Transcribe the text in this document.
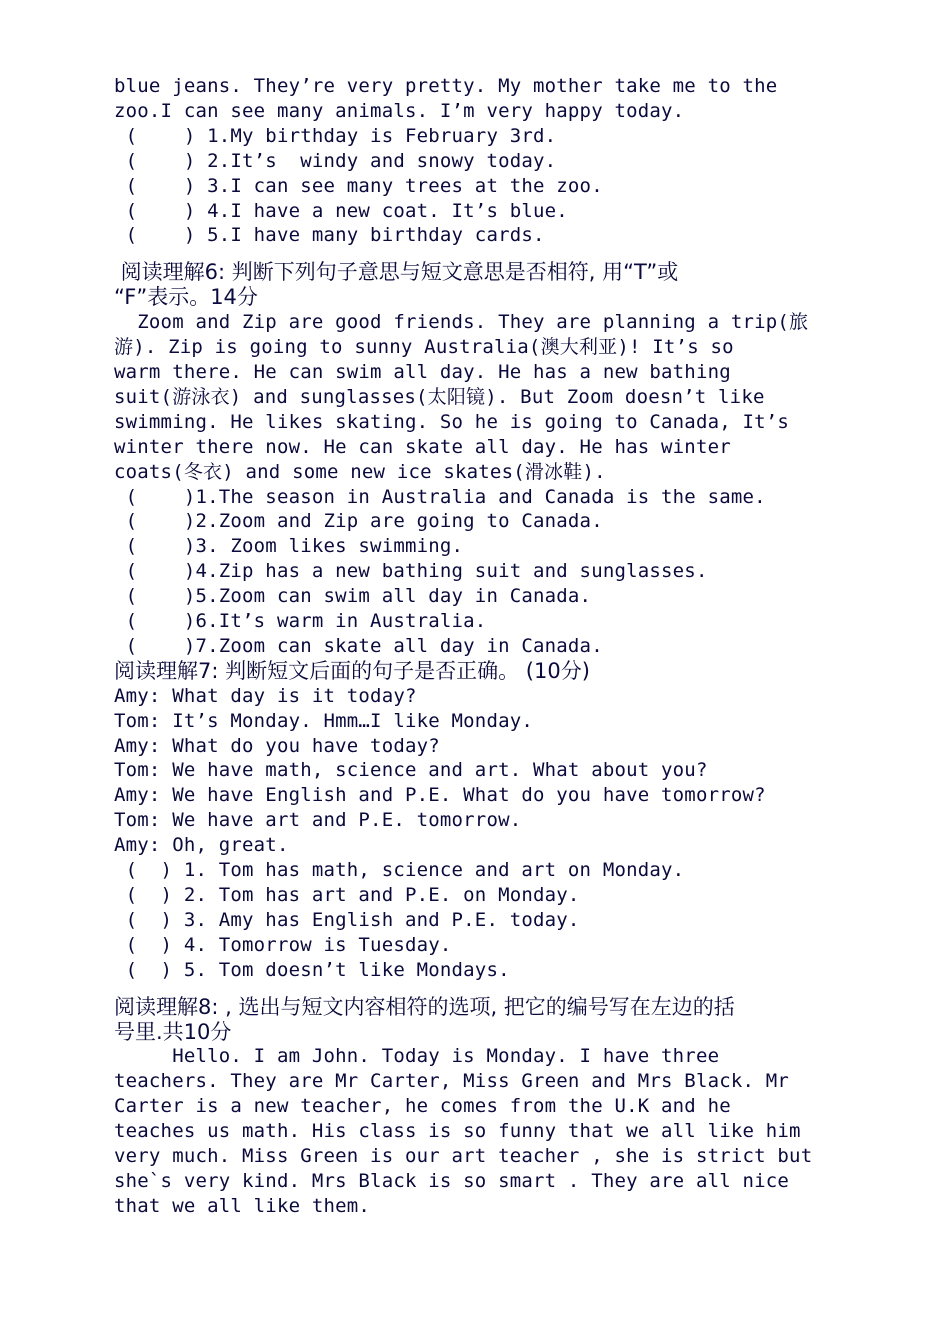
blue jeans. They’re very pretty. My mother take me to the
zoo.I can see many animals. I’m very happy today.
(    ) 1.My birthday is February 3rd.
(    ) 2.It’s  windy and snowy today.
(    ) 3.I can see many trees at the zoo.
(    ) 4.I have a new coat. It’s blue.
(    ) 5.I have many birthday cards.
阅读理解6: 判断下列句子意思与短文意思是否相符, 用“T”或
“F”表示。14分
Zoom and Zip are good friends. They are planning a trip(旅
游). Zip is going to sunny Australia(澳大利亚)! It’s so
warm there. He can swim all day. He has a new bathing
suit(游泳衣) and sunglasses(太阳镜). But Zoom doesn’t like
swimming. He likes skating. So he is going to Canada, It’s
winter there now. He can skate all day. He has winter
coats(冬衣) and some new ice skates(滑冰鞋).
(    )1.The season in Australia and Canada is the same.
(    )2.Zoom and Zip are going to Canada.
(    )3. Zoom likes swimming.
(    )4.Zip has a new bathing suit and sunglasses.
(    )5.Zoom can swim all day in Canada.
(    )6.It’s warm in Australia.
(    )7.Zoom can skate all day in Canada.
阅读理解7: 判断短文后面的句子是否正确。 (10分)
Amy: What day is it today?
Tom: It’s Monday. Hmm…I like Monday.
Amy: What do you have today?
Tom: We have math, science and art. What about you?
Amy: We have English and P.E. What do you have tomorrow?
Tom: We have art and P.E. tomorrow.
Amy: Oh, great.
(  ) 1. Tom has math, science and art on Monday.
(  ) 2. Tom has art and P.E. on Monday.
(  ) 3. Amy has English and P.E. today.
(  ) 4. Tomorrow is Tuesday.
(  ) 5. Tom doesn’t like Mondays.
阅读理解8: , 选出与短文内容相符的选项, 把它的编号写在左边的括
号里.共10分
Hello. I am John. Today is Monday. I have three
teachers. They are Mr Carter, Miss Green and Mrs Black. Mr
Carter is a new teacher, he comes from the U.K and he
teaches us math. His class is so funny that we all like him
very much. Miss Green is our art teacher , she is strict but
she`s very kind. Mrs Black is so smart . They are all nice
that we all like them.
